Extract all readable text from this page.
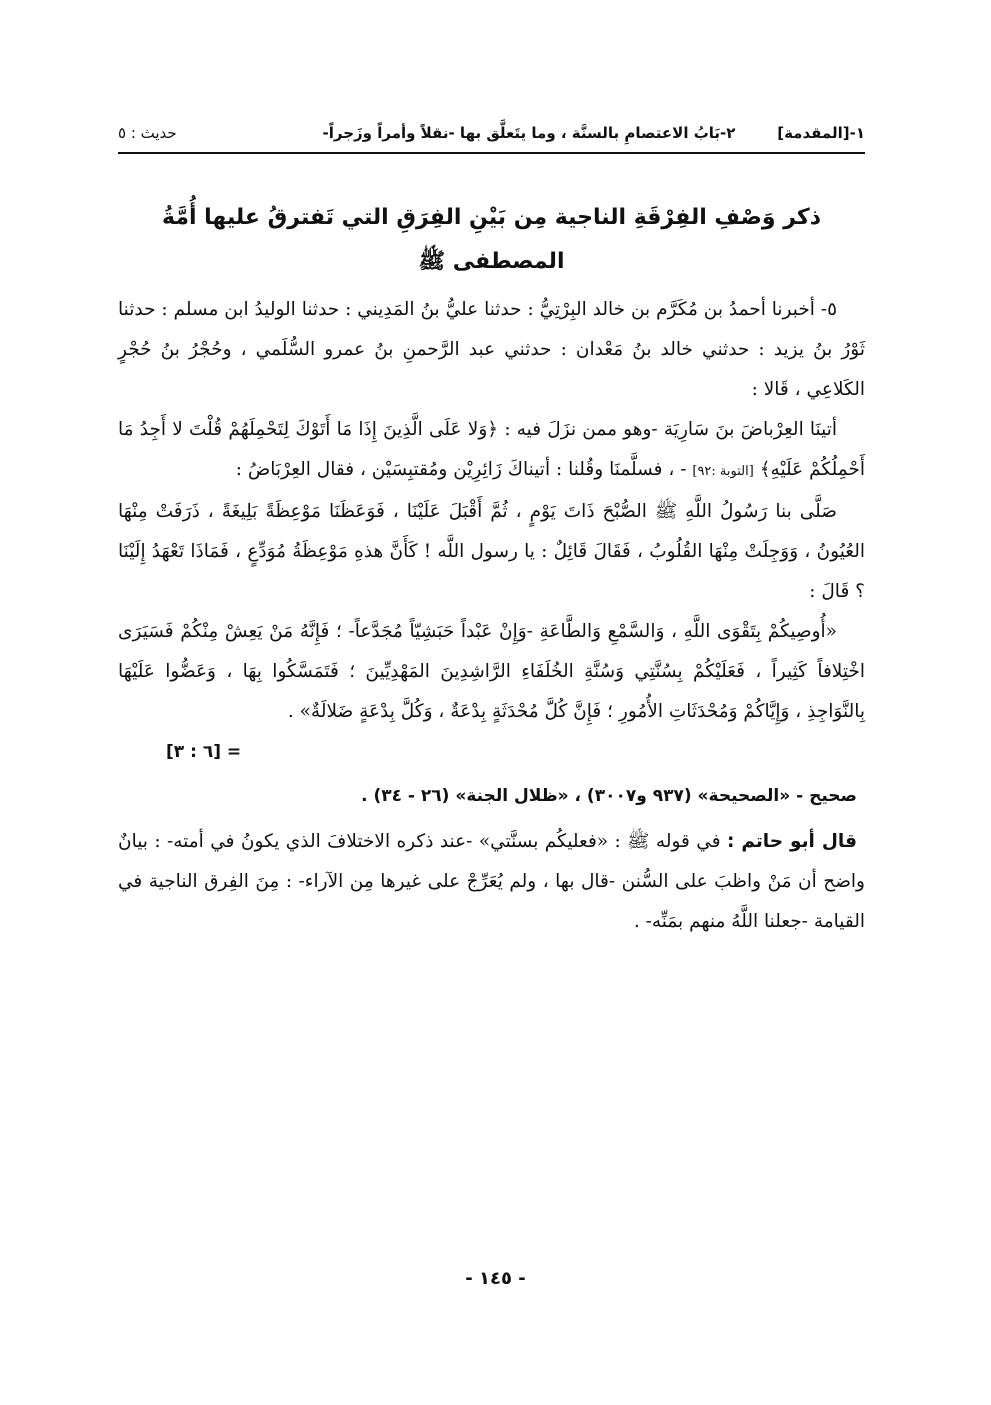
١-[المقدمة]        ٢-بَابُ الاعتصامِ بالسنَّة ، وما يتَعلَّق بها -نقلاً وأمراً وزَجراً-
حديث : ٥

ذكر وَصْفِ الفِرْقَةِ الناجية مِن بَيْنِ الفِرَقِ التي تَفترقُ عليها أُمَّةُ المصطفى ﷺ

٥- أخبرنا أحمدُ بن مُكَرَّم بن خالد البِرْتِيُّ : حدثنا عليُّ بنُ المَدِيني : حدثنا الوليدُ ابن مسلم : حدثنا ثَوْرُ بنُ يزيد : حدثني خالد بنُ مَعْدان : حدثني عبد الرَّحمنِ بنُ عمرو السُّلَمي ، وحُجْرُ بنُ حُجْرٍ الكَلاعِي ، قَالا :

أتينَا العِرْباضَ بنَ سَارِيَة -وهو ممن نزَلَ فيه : ﴿وَلا عَلَى الَّذِينَ إِذَا مَا أَتَوْكَ لِتَحْمِلَهُمْ قُلْتَ لا أَجِدُ مَا أَحْمِلُكُمْ عَلَيْهِ﴾ [التوبة :٩٢] - ، فسلَّمنَا وقُلنا : أتيناكَ زَائِرِيْن ومُقتبِسَيْن ، فقال العِرْبَاضُ :

صَلَّى بنا رَسُولُ اللَّهِ ﷺ الصُّبْحَ ذَاتَ يَوْمٍ ، ثُمَّ أَقْبَلَ عَلَيْنَا ، فَوَعَظَنَا مَوْعِظَةً بَلِيغَةً ، ذَرَفَتْ مِنْهَا العُيُونُ ، وَوَجِلَتْ مِنْهَا القُلُوبُ ، فَقَالَ قَائِلٌ : يا رسول اللَّه ! كَأَنَّ هذهِ مَوْعِظَةُ مُوَدِّعٍ ، فَمَاذَا تَعْهَدُ إِلَيْنَا ؟ قَالَ :

«أُوصِيكُمْ بِتَقْوَى اللَّهِ ، وَالسَّمْعِ وَالطَّاعَةِ -وَإِنْ عَبْداً حَبَشِيّاً مُجَدَّعاً- ؛ فَإِنَّهُ مَنْ يَعِشْ مِنْكُمْ فَسَيَرَى اخْتِلافاً كَثِيراً ، فَعَلَيْكُمْ بِسُنَّتِي وَسُنَّةِ الخُلَفَاءِ الرَّاشِدِينَ المَهْدِيِّينَ ؛ فَتَمَسَّكُوا بِهَا ، وَعَضُّوا عَلَيْهَا بِالنَّوَاجِذِ ، وَإِيَّاكُمْ وَمُحْدَثَاتِ الأُمُورِ ؛ فَإِنَّ كُلَّ مُحْدَثَةٍ بِدْعَةٌ ، وَكُلَّ بِدْعَةٍ ضَلالَةٌ» .

[٦ : ٣] =

صحيح - «الصحيحة» (٩٣٧ و٣٠٠٧) ، «ظلال الجنة» (٢٦ - ٣٤) .

قال أبو حاتم : في قوله ﷺ : «فعليكُم بسنَّتي» -عند ذكره الاختلافَ الذي يكونُ في أمته- : بيانٌ واضح أن مَنْ واظبَ على السُّنن -قال بها ، ولم يُعَرِّجْ على غيرها مِن الآراء- : مِنَ الفِرق الناجية في القيامة -جعلنا اللَّهُ منهم بمَنِّه- .

- ١٤٥ -
